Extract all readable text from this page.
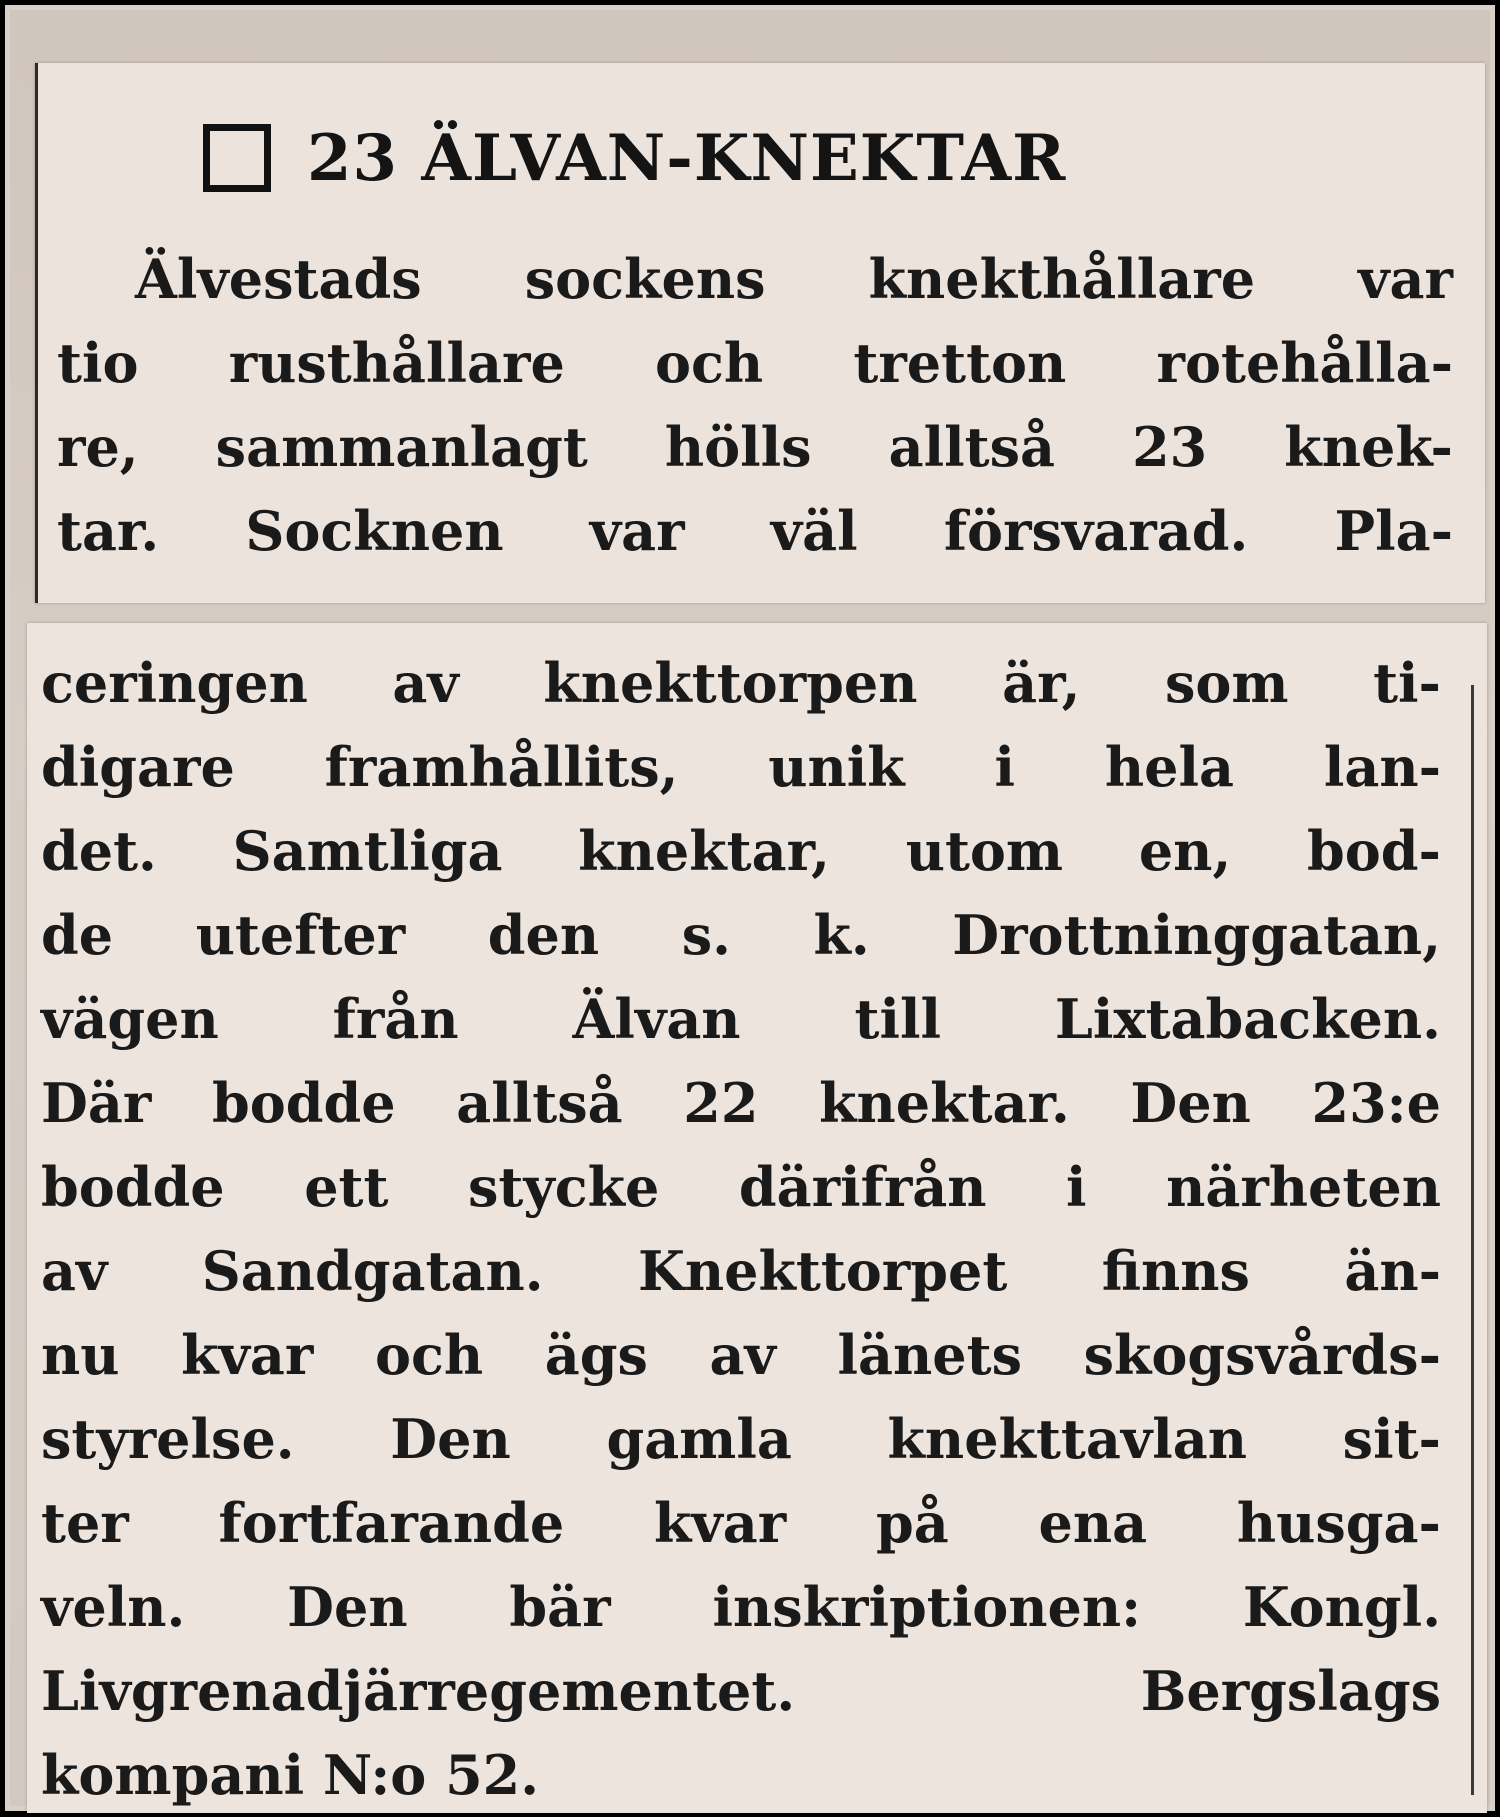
23 ÄLVAN-KNEKTAR
Älvestads sockens knekthållare var
tio rusthållare och tretton rotehålla-
re, sammanlagt hölls alltså 23 knek-
tar. Socknen var väl försvarad. Pla-
ceringen av knekttorpen är, som ti-
digare framhållits, unik i hela lan-
det. Samtliga knektar, utom en, bod-
de utefter den s. k. Drottninggatan,
vägen från Älvan till Lixtabacken.
Där bodde alltså 22 knektar. Den 23:e
bodde ett stycke därifrån i närheten
av Sandgatan. Knekttorpet finns än-
nu kvar och ägs av länets skogsvårds-
styrelse. Den gamla knekttavlan sit-
ter fortfarande kvar på ena husga-
veln. Den bär inskriptionen: Kongl.
Livgrenadjärregementet.	Bergslags
kompani N:o 52.
